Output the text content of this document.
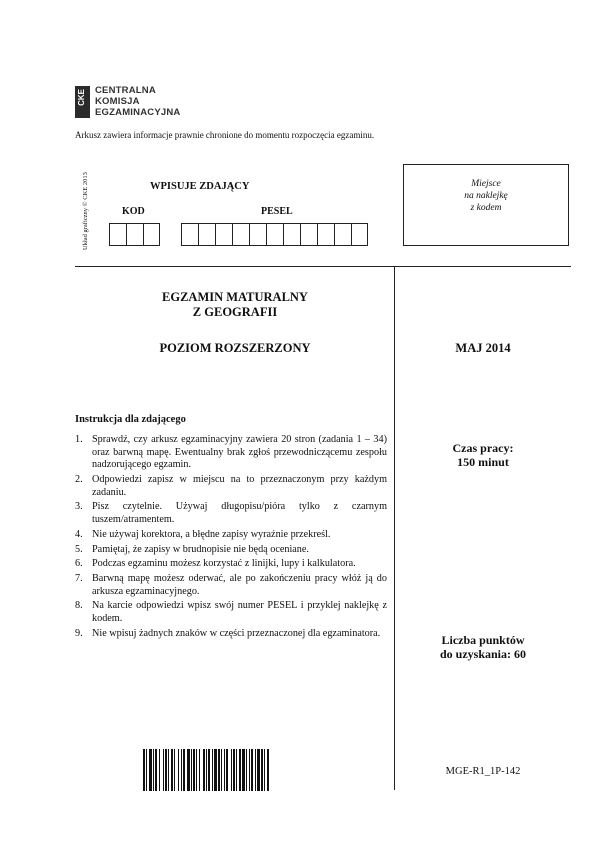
CKE CENTRALNA
KOMISJA
EGZAMINACYJNA
Arkusz zawiera informacje prawnie chronione do momentu rozpoczęcia egzaminu.
Układ graficzny © CKE 2013	WPISUJE ZDAJĄCY
KOD	PESEL
Miejsce
na naklejkę
z kodem
EGZAMIN MATURALNY
Z GEOGRAFII
POZIOM ROZSZERZONY	MAJ 2014
Instrukcja dla zdającego
1. Sprawdź, czy arkusz egzaminacyjny zawiera 20 stron (zadania 1 – 34) oraz barwną mapę. Ewentualny brak zgłoś przewodniczącemu zespołu nadzorującego egzamin.
2. Odpowiedzi zapisz w miejscu na to przeznaczonym przy każdym zadaniu.
3. Pisz czytelnie. Używaj długopisu/pióra tylko z czarnym tuszem/atramentem.
4. Nie używaj korektora, a błędne zapisy wyraźnie przekreśl.
5. Pamiętaj, że zapisy w brudnopisie nie będą oceniane.
6. Podczas egzaminu możesz korzystać z linijki, lupy i kalkulatora.
7. Barwną mapę możesz oderwać, ale po zakończeniu pracy włóż ją do arkusza egzaminacyjnego.
8. Na karcie odpowiedzi wpisz swój numer PESEL i przyklej naklejkę z kodem.
9. Nie wpisuj żadnych znaków w części przeznaczonej dla egzaminatora.
Czas pracy:
150 minut
Liczba punktów
do uzyskania: 60
MGE-R1_1P-142
